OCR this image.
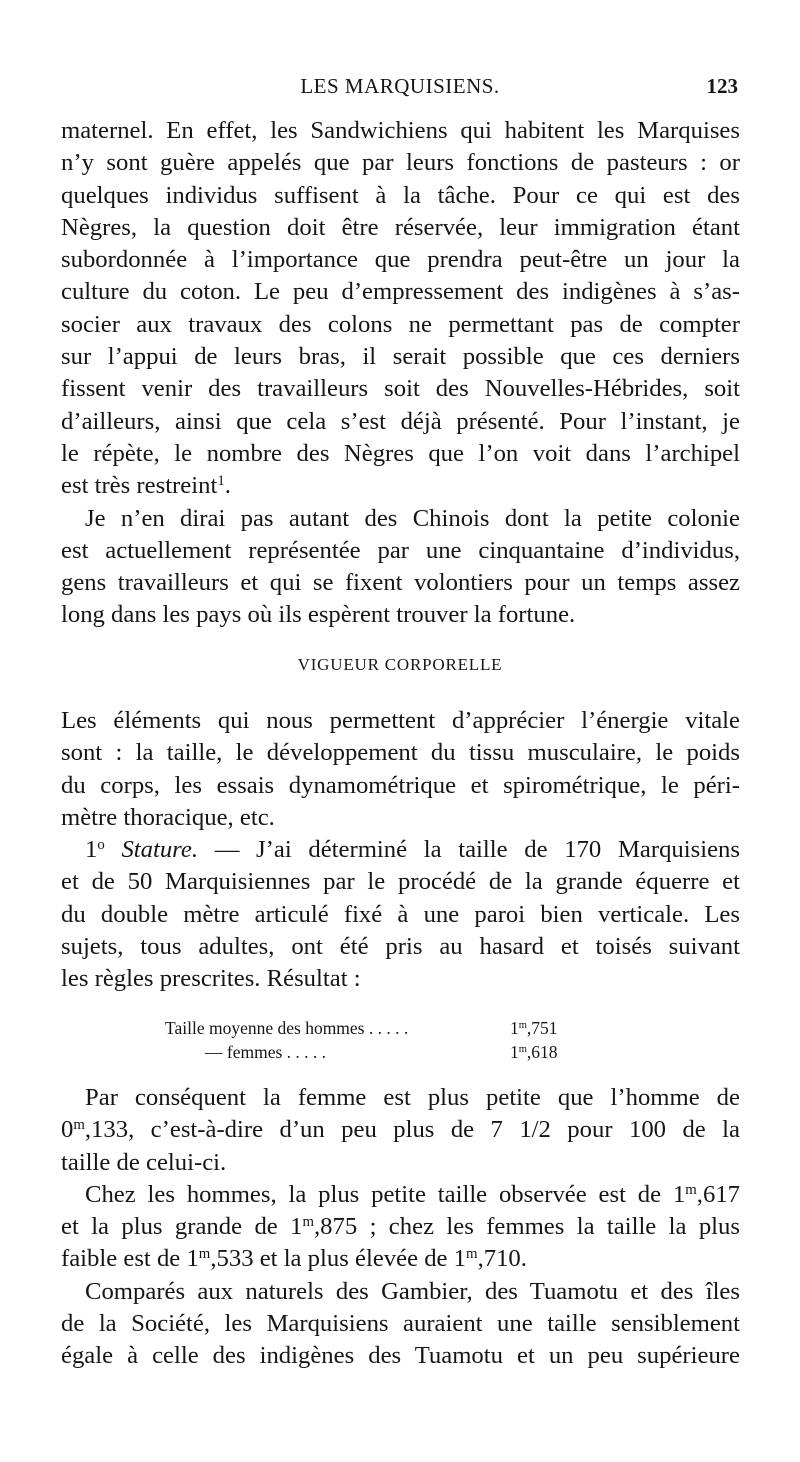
LES MARQUISIENS.	123
maternel. En effet, les Sandwichiens qui habitent les Marquises
n’y sont guère appelés que par leurs fonctions de pasteurs : or
quelques individus suffisent à la tâche. Pour ce qui est des
Nègres, la question doit être réservée, leur immigration étant
subordonnée à l’importance que prendra peut-être un jour la
culture du coton. Le peu d’empressement des indigènes à s’as-
socier aux travaux des colons ne permettant pas de compter
sur l’appui de leurs bras, il serait possible que ces derniers
fissent venir des travailleurs soit des Nouvelles-Hébrides, soit
d’ailleurs, ainsi que cela s’est déjà présenté. Pour l’instant, je
le répète, le nombre des Nègres que l’on voit dans l’archipel
est très restreint$^1$.
Je n’en dirai pas autant des Chinois dont la petite colonie
est actuellement représentée par une cinquantaine d’individus,
gens travailleurs et qui se fixent volontiers pour un temps assez
long dans les pays où ils espèrent trouver la fortune.
VIGUEUR CORPORELLE
Les éléments qui nous permettent d’apprécier l’énergie vitale
sont : la taille, le développement du tissu musculaire, le poids
du corps, les essais dynamométrique et spirométrique, le péri-
mètre thoracique, etc.
1$^o$ Stature. — J’ai déterminé la taille de 170 Marquisiens
et de 50 Marquisiennes par le procédé de la grande équerre et
du double mètre articulé fixé à une paroi bien verticale. Les
sujets, tous adultes, ont été pris au hasard et toisés suivant
les règles prescrites. Résultat :
Taille moyenne des hommes . . . . .	1$^m$,751
— femmes . . . . .	1$^m$,618
Par conséquent la femme est plus petite que l’homme de
0$^m$,133, c’est-à-dire d’un peu plus de 7 1/2 pour 100 de la
taille de celui-ci.
Chez les hommes, la plus petite taille observée est de 1$^m$,617
et la plus grande de 1$^m$,875 ; chez les femmes la taille la plus
faible est de 1$^m$,533 et la plus élevée de 1$^m$,710.
Comparés aux naturels des Gambier, des Tuamotu et des îles
de la Société, les Marquisiens auraient une taille sensiblement
égale à celle des indigènes des Tuamotu et un peu supérieure
